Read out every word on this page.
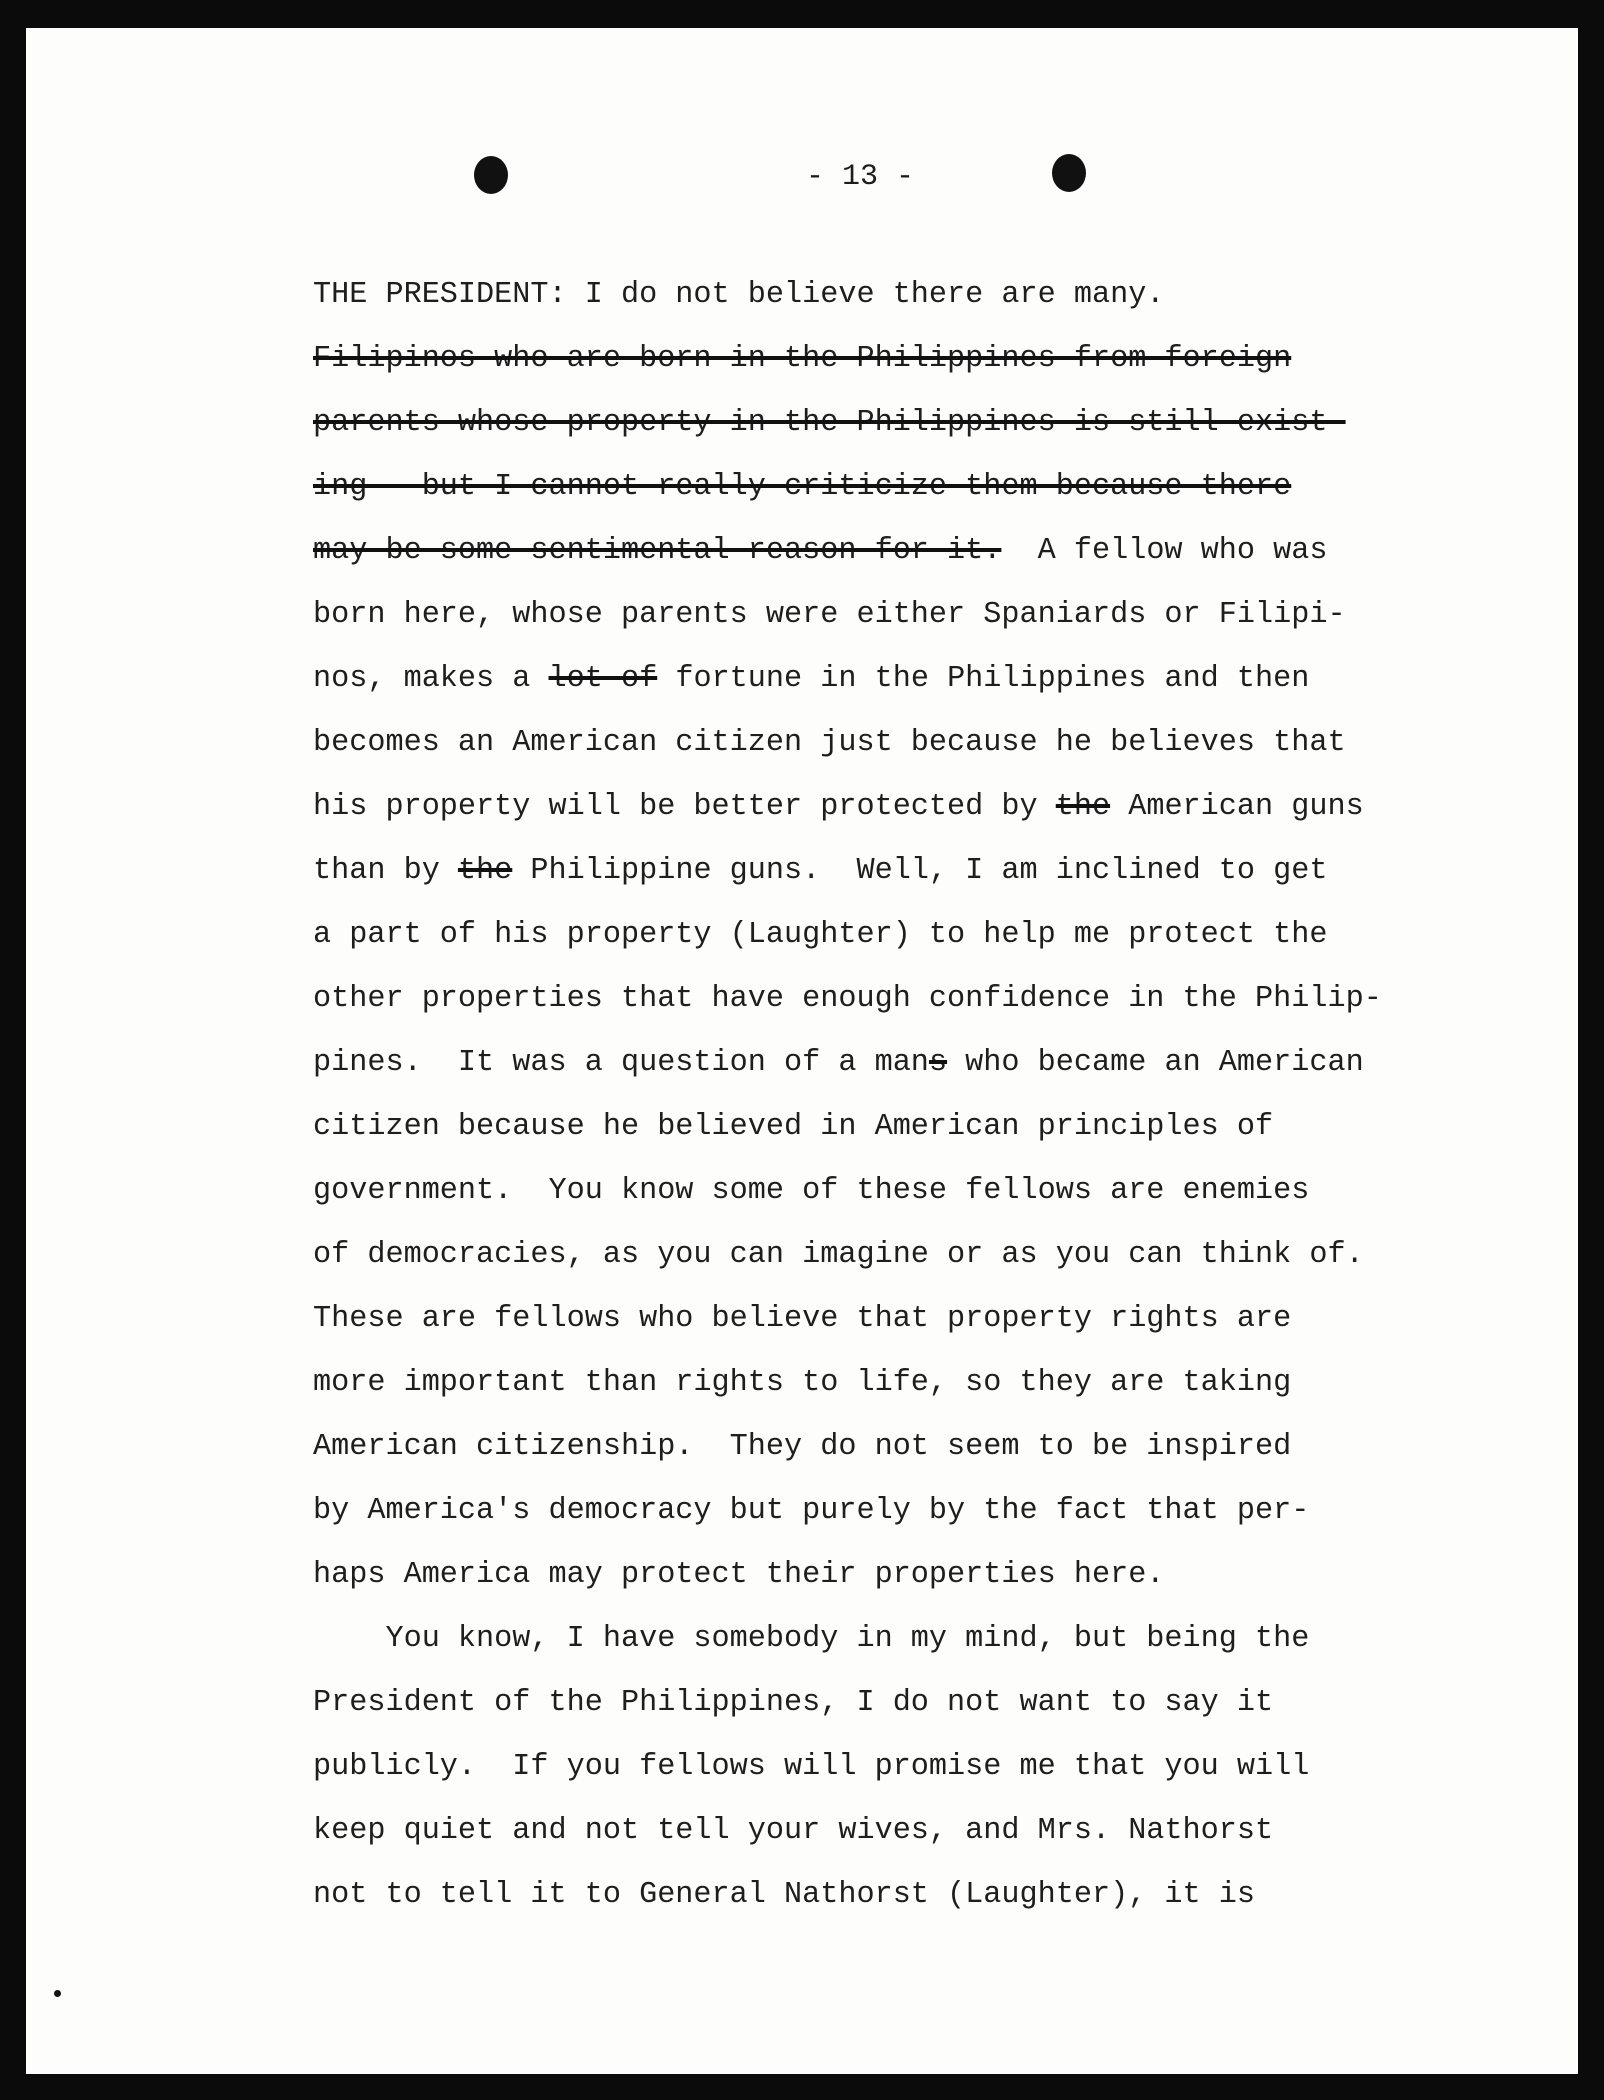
- 13 -

THE PRESIDENT: I do not believe there are many.

Filipinos who are born in the Philippines from foreign

parents whose property in the Philippines is still exist-

ing - but I cannot really criticize them because there

may be some sentimental reason for it.  A fellow who was

born here, whose parents were either Spaniards or Filipi-

nos, makes a lot of fortune in the Philippines and then

becomes an American citizen just because he believes that

his property will be better protected by the American guns

than by the Philippine guns.  Well, I am inclined to get

a part of his property (Laughter) to help me protect the

other properties that have enough confidence in the Philip-

pines.  It was a question of a mans who became an American

citizen because he believed in American principles of

government.  You know some of these fellows are enemies

of democracies, as you can imagine or as you can think of.

These are fellows who believe that property rights are

more important than rights to life, so they are taking

American citizenship.  They do not seem to be inspired

by America's democracy but purely by the fact that per-

haps America may protect their properties here.

You know, I have somebody in my mind, but being the

President of the Philippines, I do not want to say it

publicly.  If you fellows will promise me that you will

keep quiet and not tell your wives, and Mrs. Nathorst

not to tell it to General Nathorst (Laughter), it is
